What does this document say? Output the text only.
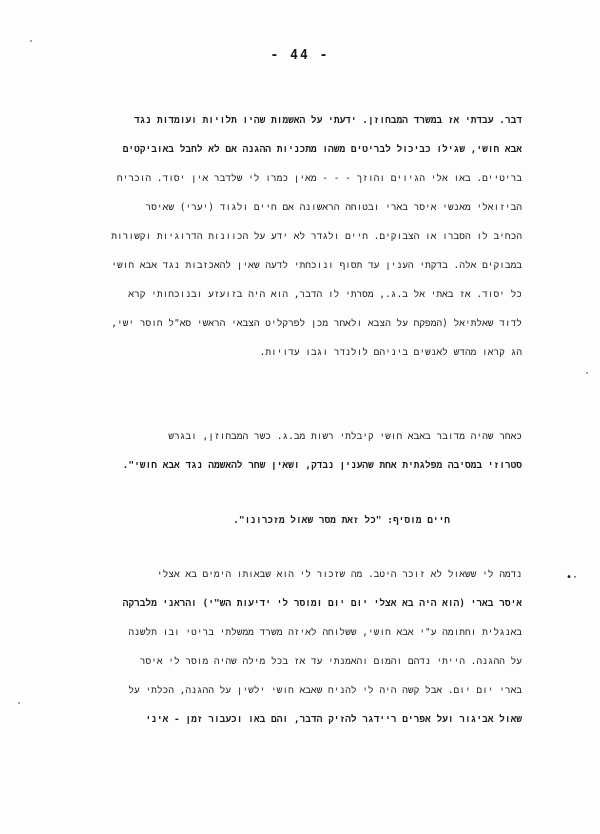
- 44 -
דבר. עבדתי אז במשרד המבחוזן. ידעתי על האשמות שהיו תלויות ועומדות נגד
אבא חושי, שגילו כביכול לבריטים משהו מתכניות ההגנה אם לא לחבל באוביקטים
בריטיים. באו אלי הגיוים והוזך - - - מאין כמרו לי שלדבר אין יסוד. הוכריח
הביזואלי מאנשי איסר בארי ובטוחה הראשונה אם חיים ולגוד (יערי) שאיסר
הכחיב לו הסברו או הצבוקים. חיים ולגדר לא ידע על הכוונות הדרוגיות וקשורות
במבוקים אלה. בדקתי הענין עד תסוף ונוכחתי לדעה שאין להאכזבות נגד אבא חושי
כל יסוד. אז באתי אל ב.ג., מסרתי לו הדבר, הוא היה בזועזע ובנוכחותי קרא
לדוד שאלתיאל (המפקח על הצבא ולאחר מכן לפרקליט הצבאי הראשי סא"ל חוסר ישי,
הג קראו מהדש לאנשים ביניהם לולנדר וגבו עדויות.
כאחר שהיה מדובר באבא חושי קיבלתי רשות מב.ג. כשר המבחוזן, ובגרש
סטרוזי במסיבה מפלגתית אחת שהענין נבדק, ושאין שחר להאשמה נגד אבא חושי".
חיים מוסיף: "כל זאת מסר שאול מזכרונו".
נדמה לי ששאול לא זוכר היטב. מה שזכור לי הוא שבאותו הימים בא אצלי
איסר בארי (הוא היה בא אצלי יום יום ומוסר לי ידיעות הש"י) והראני מלברקה
באנגלית וחתומה ע"י אבא חושי, ששלוחה לאיזה משרד ממשלתי בריטי ובו תלשנה
על ההגנה. הייתי נדהם והמום והאמנתי עד אז בכל מילה שהיה מוסר לי איסר
בארי יום יום. אבל קשה היה לי להניח שאבא חושי ילשין על ההגנה, הכלתי על
שאול אביגור ועל אפרים ריידגר להזיק הדבר, והם באו וכעבור זמן - איני
•·
